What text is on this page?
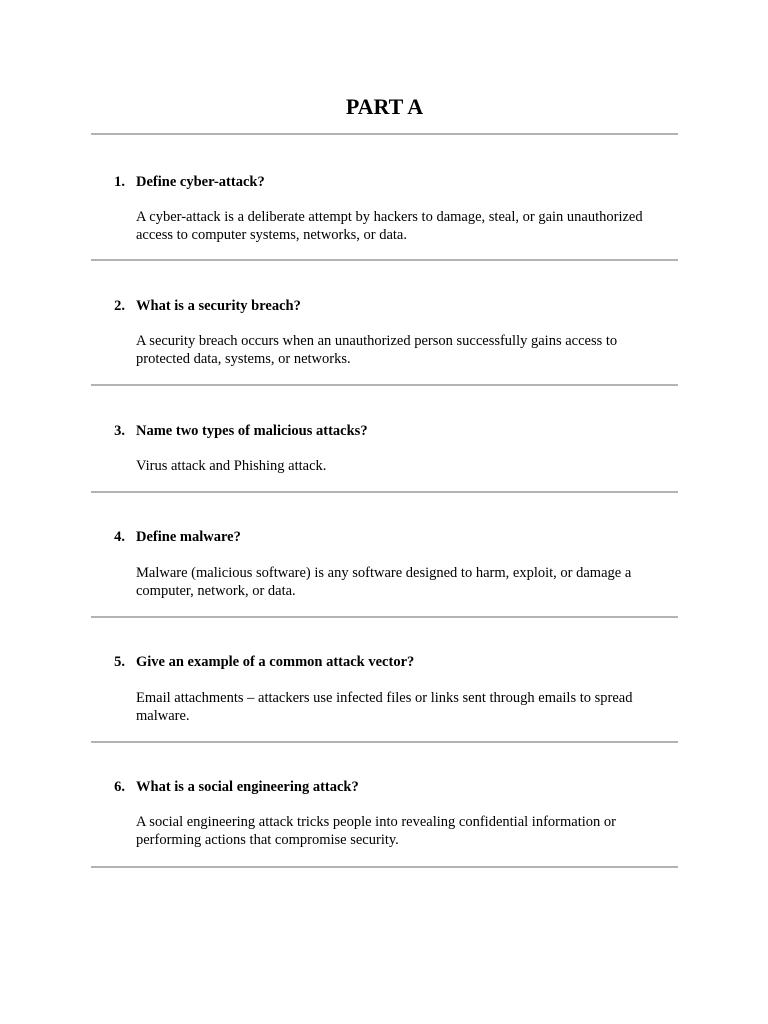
PART A
1. Define cyber-attack?
A cyber-attack is a deliberate attempt by hackers to damage, steal, or gain unauthorized access to computer systems, networks, or data.
2. What is a security breach?
A security breach occurs when an unauthorized person successfully gains access to protected data, systems, or networks.
3. Name two types of malicious attacks?
Virus attack and Phishing attack.
4. Define malware?
Malware (malicious software) is any software designed to harm, exploit, or damage a computer, network, or data.
5. Give an example of a common attack vector?
Email attachments – attackers use infected files or links sent through emails to spread malware.
6. What is a social engineering attack?
A social engineering attack tricks people into revealing confidential information or performing actions that compromise security.
